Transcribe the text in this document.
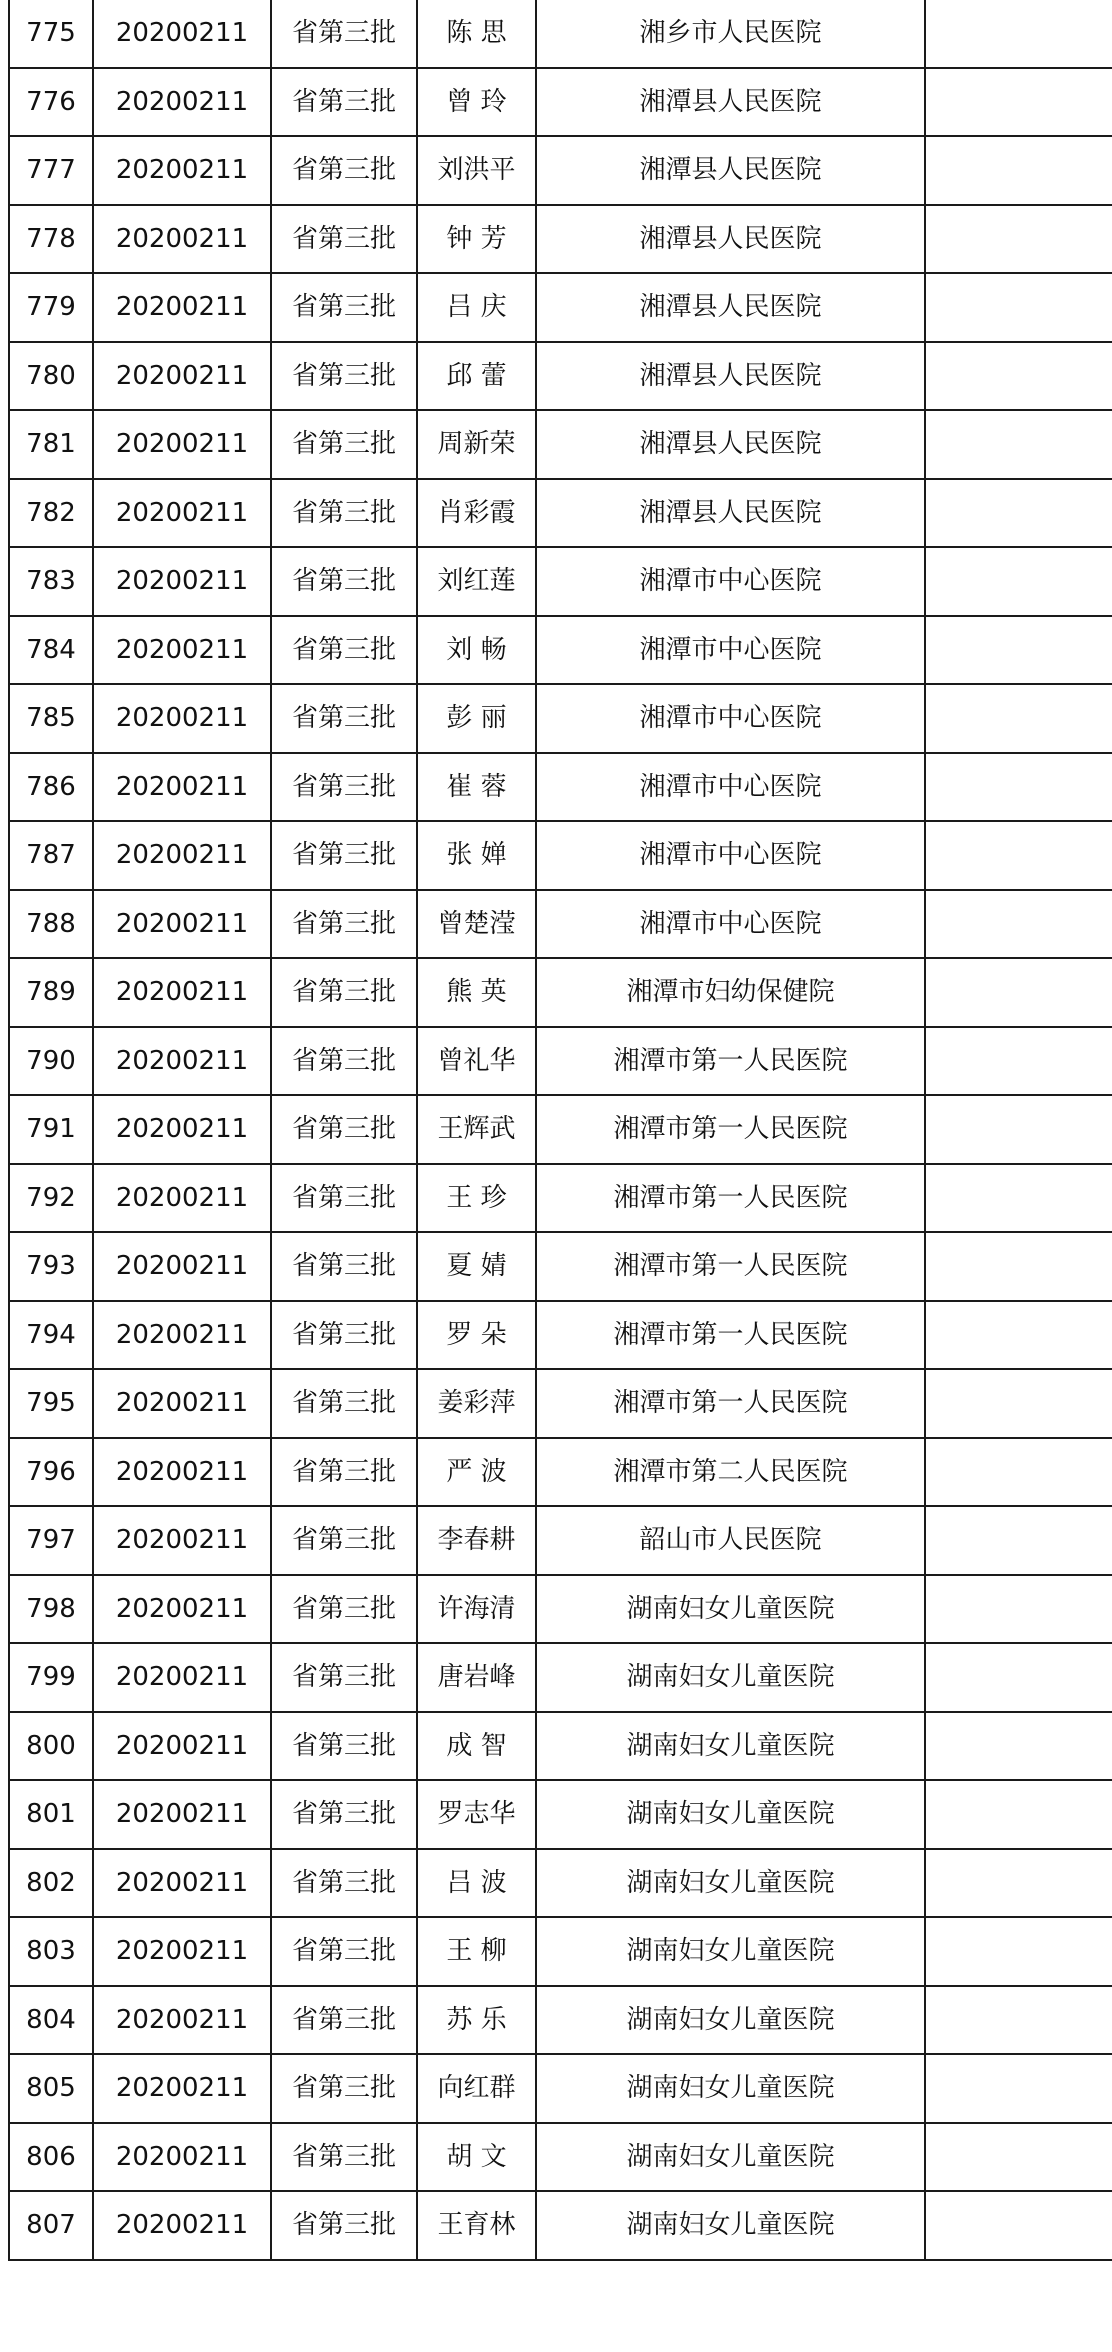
775	20200211	省第三批	陈 思	湘乡市人民医院	
776	20200211	省第三批	曾 玲	湘潭县人民医院	
777	20200211	省第三批	刘洪平	湘潭县人民医院	
778	20200211	省第三批	钟 芳	湘潭县人民医院	
779	20200211	省第三批	吕 庆	湘潭县人民医院	
780	20200211	省第三批	邱 蕾	湘潭县人民医院	
781	20200211	省第三批	周新荣	湘潭县人民医院	
782	20200211	省第三批	肖彩霞	湘潭县人民医院	
783	20200211	省第三批	刘红莲	湘潭市中心医院	
784	20200211	省第三批	刘 畅	湘潭市中心医院	
785	20200211	省第三批	彭 丽	湘潭市中心医院	
786	20200211	省第三批	崔 蓉	湘潭市中心医院	
787	20200211	省第三批	张 婵	湘潭市中心医院	
788	20200211	省第三批	曾楚滢	湘潭市中心医院	
789	20200211	省第三批	熊 英	湘潭市妇幼保健院	
790	20200211	省第三批	曾礼华	湘潭市第一人民医院	
791	20200211	省第三批	王辉武	湘潭市第一人民医院	
792	20200211	省第三批	王 珍	湘潭市第一人民医院	
793	20200211	省第三批	夏 婧	湘潭市第一人民医院	
794	20200211	省第三批	罗 朵	湘潭市第一人民医院	
795	20200211	省第三批	姜彩萍	湘潭市第一人民医院	
796	20200211	省第三批	严 波	湘潭市第二人民医院	
797	20200211	省第三批	李春耕	韶山市人民医院	
798	20200211	省第三批	许海清	湖南妇女儿童医院	
799	20200211	省第三批	唐岩峰	湖南妇女儿童医院	
800	20200211	省第三批	成 智	湖南妇女儿童医院	
801	20200211	省第三批	罗志华	湖南妇女儿童医院	
802	20200211	省第三批	吕 波	湖南妇女儿童医院	
803	20200211	省第三批	王 柳	湖南妇女儿童医院	
804	20200211	省第三批	苏 乐	湖南妇女儿童医院	
805	20200211	省第三批	向红群	湖南妇女儿童医院	
806	20200211	省第三批	胡 文	湖南妇女儿童医院	
807	20200211	省第三批	王育林	湖南妇女儿童医院	
